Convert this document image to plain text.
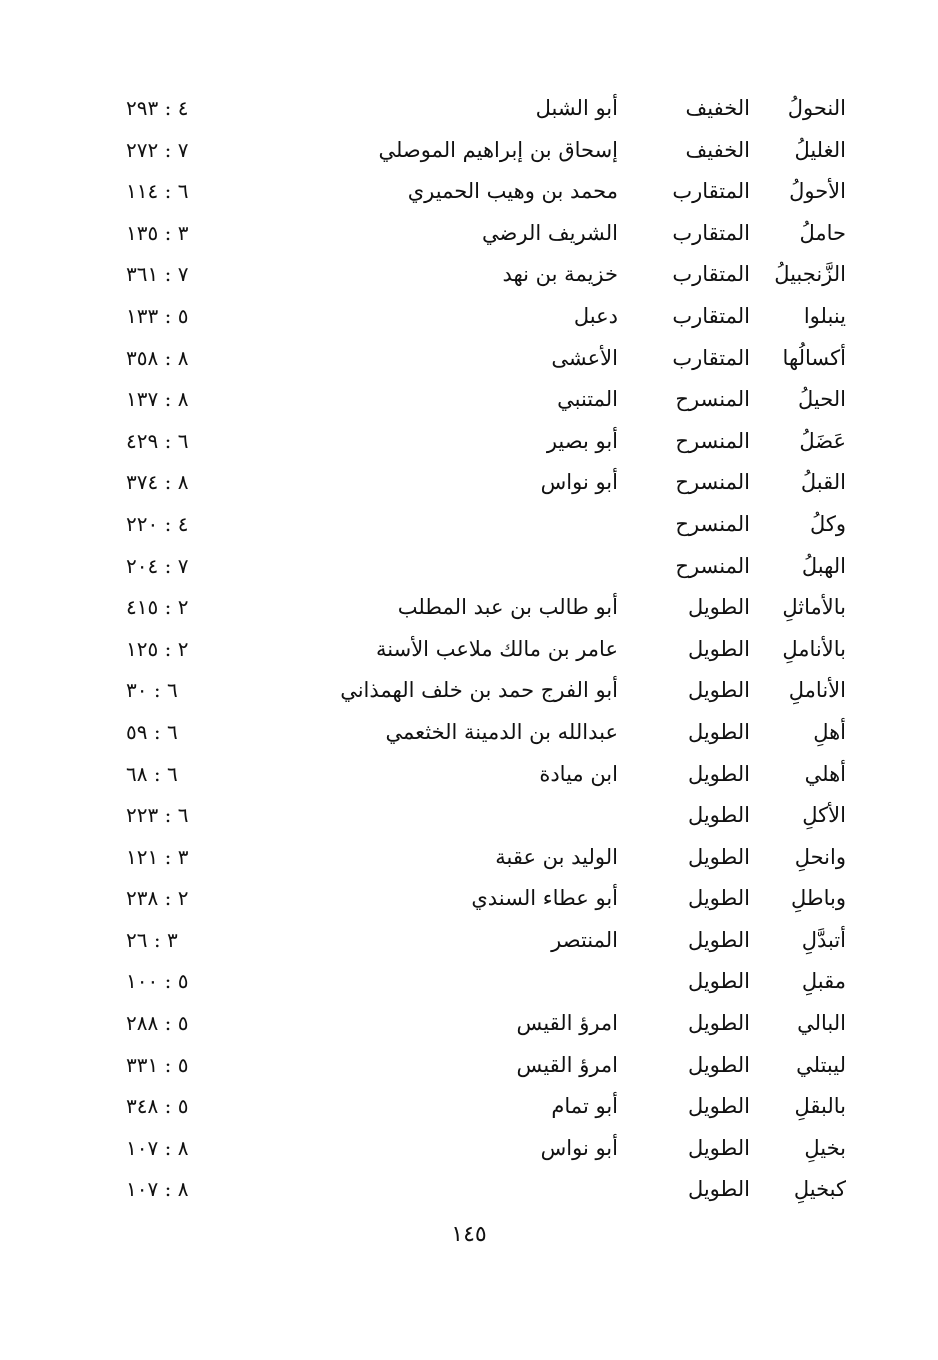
النحولُ
الخفيف
أبو الشبل
٤ : ٢٩٣
الغليلُ
الخفيف
إسحاق بن إبراهيم الموصلي
٧ : ٢٧٢
الأحولُ
المتقارب
محمد بن وهيب الحميري
٦ : ١١٤
حاملُ
المتقارب
الشريف الرضي
٣ : ١٣٥
الزَّنجبيلُ
المتقارب
خزيمة بن نهد
٧ : ٣٦١
ينبلوا
المتقارب
دعبل
٥ : ١٣٣
أكسالُها
المتقارب
الأعشى
٨ : ٣٥٨
الحيلُ
المنسرح
المتنبي
٨ : ١٣٧
عَضَلُ
المنسرح
أبو بصير
٦ : ٤٢٩
القبلُ
المنسرح
أبو نواس
٨ : ٣٧٤
وكلُ
المنسرح
٤ : ٢٢٠
الهبلُ
المنسرح
٧ : ٢٠٤
بالأماثلِ
الطويل
أبو طالب بن عبد المطلب
٢ : ٤١٥
بالأناملِ
الطويل
عامر بن مالك ملاعب الأسنة
٢ : ١٢٥
الأناملِ
الطويل
أبو الفرج حمد بن خلف الهمذاني
٦ : ٣٠
أهلِ
الطويل
عبدالله بن الدمينة الخثعمي
٦ : ٥٩
أهلي
الطويل
ابن ميادة
٦ : ٦٨
الأكلِ
الطويل
٦ : ٢٢٣
وانحلِ
الطويل
الوليد بن عقبة
٣ : ١٢١
وباطلِ
الطويل
أبو عطاء السندي
٢ : ٢٣٨
أتبدَّلِ
الطويل
المنتصر
٣ : ٢٦
مقبلِ
الطويل
٥ : ١٠٠
البالي
الطويل
امرؤ القيس
٥ : ٢٨٨
ليبتلي
الطويل
امرؤ القيس
٥ : ٣٣١
بالبقلِ
الطويل
أبو تمام
٥ : ٣٤٨
بخيلِ
الطويل
أبو نواس
٨ : ١٠٧
كبخيلِ
الطويل
٨ : ١٠٧
١٤٥
